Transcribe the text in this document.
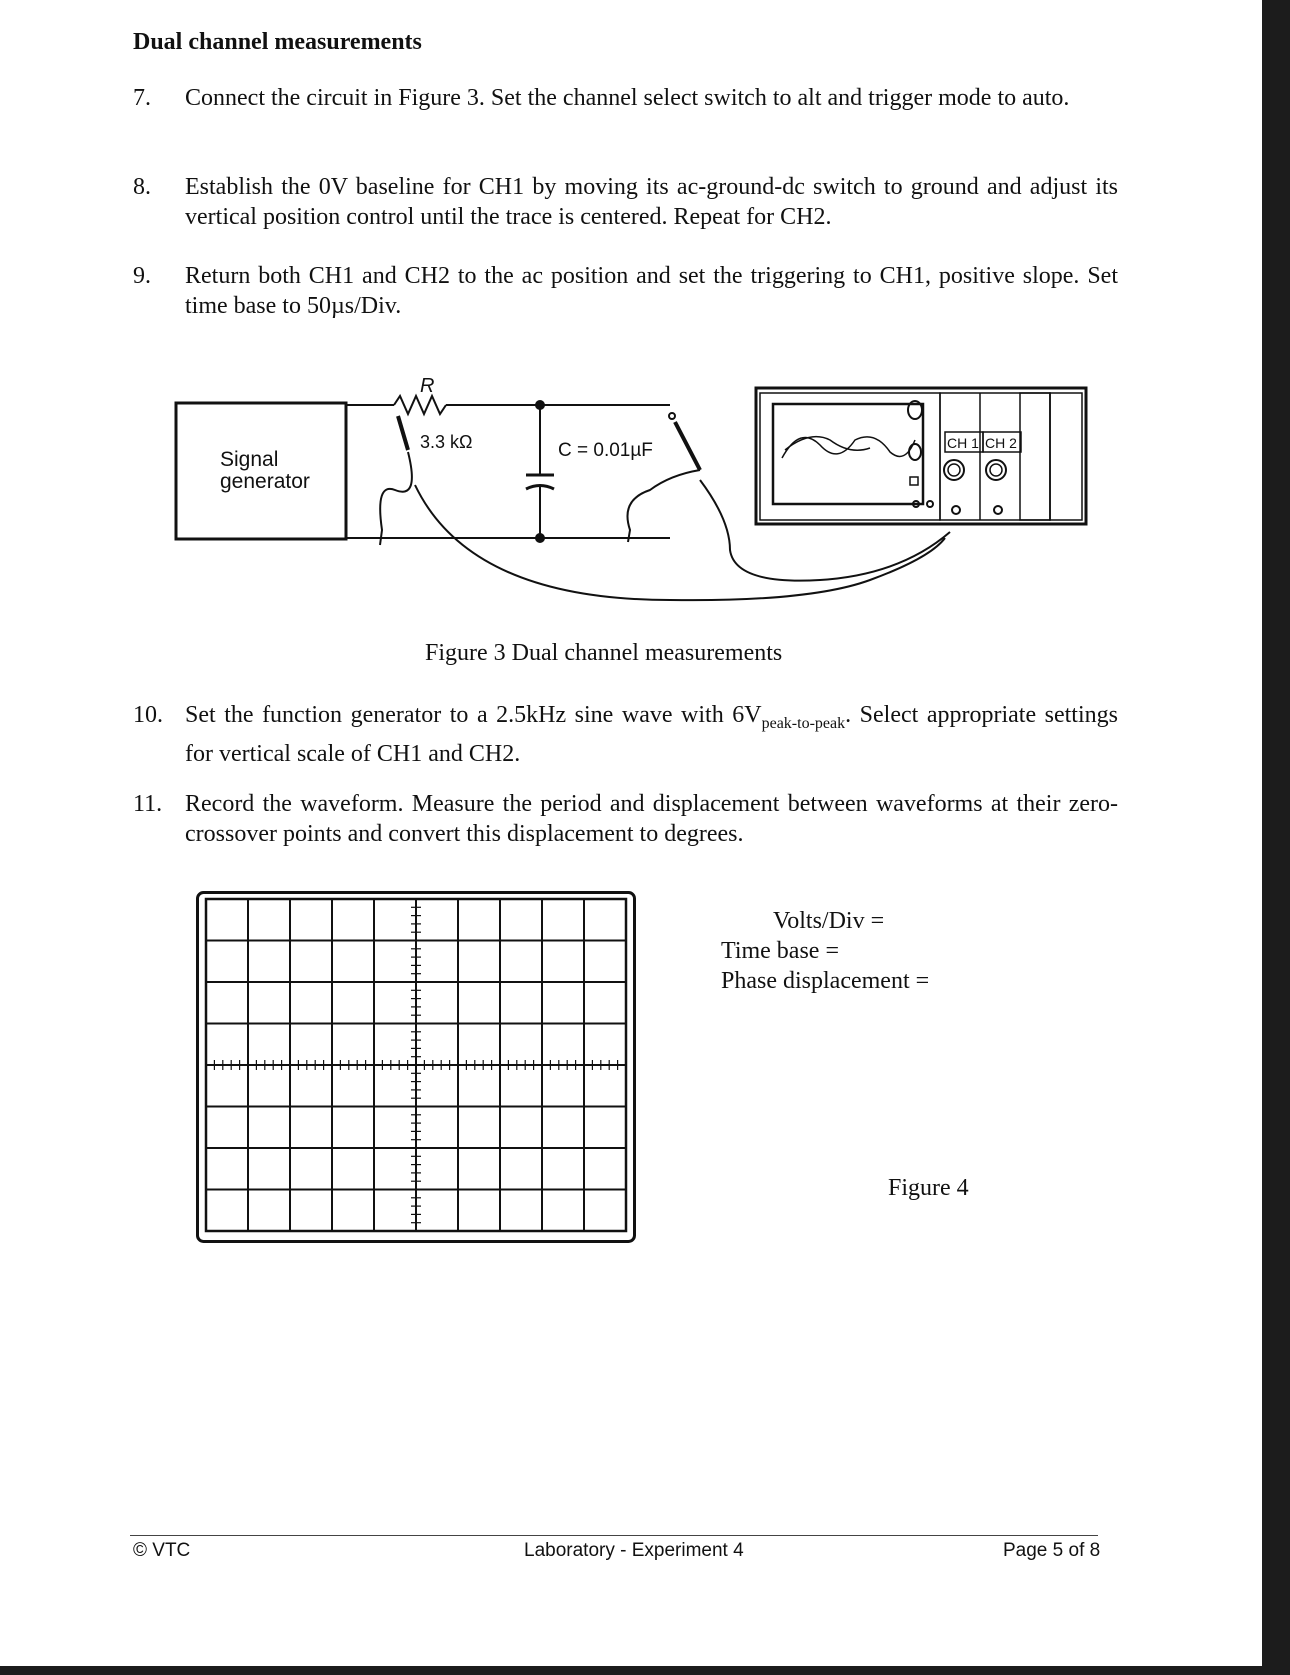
Dual channel measurements
7. Connect the circuit in Figure 3. Set the channel select switch to alt and trigger mode to auto.
8. Establish the 0V baseline for CH1 by moving its ac-ground-dc switch to ground and adjust its vertical position control until the trace is centered. Repeat for CH2.
9. Return both CH1 and CH2 to the ac position and set the triggering to CH1, positive slope. Set time base to 50µs/Div.
Signal
generator
R
3.3 kΩ	C = 0.01µF	CH 1 CH 2
Figure 3 Dual channel measurements
10. Set the function generator to a 2.5kHz sine wave with $6V_{peak-to-peak}$. Select appropriate settings for vertical scale of CH1 and CH2.
11. Record the waveform. Measure the period and displacement between waveforms at their zero-crossover points and convert this displacement to degrees.
Volts/Div =
Time base =
Phase displacement =
Figure 4
© VTC	Laboratory - Experiment 4	Page 5 of 8
